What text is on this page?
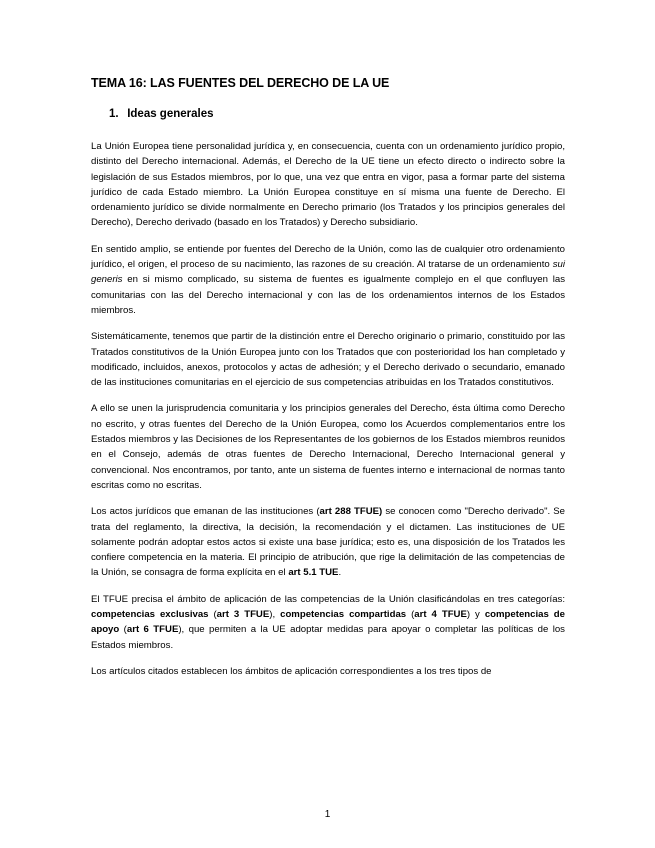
TEMA 16: LAS FUENTES DEL DERECHO DE LA UE
1. Ideas generales

La Unión Europea tiene personalidad jurídica y, en consecuencia, cuenta con un ordenamiento jurídico propio, distinto del Derecho internacional. Además, el Derecho de la UE tiene un efecto directo o indirecto sobre la legislación de sus Estados miembros, por lo que, una vez que entra en vigor, pasa a formar parte del sistema jurídico de cada Estado miembro. La Unión Europea constituye en sí misma una fuente de Derecho. El ordenamiento jurídico se divide normalmente en Derecho primario (los Tratados y los principios generales del Derecho), Derecho derivado (basado en los Tratados) y Derecho subsidiario.

En sentido amplio, se entiende por fuentes del Derecho de la Unión, como las de cualquier otro ordenamiento jurídico, el origen, el proceso de su nacimiento, las razones de su creación. Al tratarse de un ordenamiento sui generis en si mismo complicado, su sistema de fuentes es igualmente complejo en el que confluyen las comunitarias con las del Derecho internacional y con las de los ordenamientos internos de los Estados miembros.

Sistemáticamente, tenemos que partir de la distinción entre el Derecho originario o primario, constituido por las Tratados constitutivos de la Unión Europea junto con los Tratados que con posterioridad los han completado y modificado, incluidos, anexos, protocolos y actas de adhesión; y el Derecho derivado o secundario, emanado de las instituciones comunitarias en el ejercicio de sus competencias atribuidas en los Tratados constitutivos.

A ello se unen la jurisprudencia comunitaria y los principios generales del Derecho, ésta última como Derecho no escrito, y otras fuentes del Derecho de la Unión Europea, como los Acuerdos complementarios entre los Estados miembros y las Decisiones de los Representantes de los gobiernos de los Estados miembros reunidos en el Consejo, además de otras fuentes de Derecho Internacional, Derecho Internacional general y convencional. Nos encontramos, por tanto, ante un sistema de fuentes interno e internacional de normas tanto escritas como no escritas.

Los actos jurídicos que emanan de las instituciones (art 288 TFUE) se conocen como "Derecho derivado". Se trata del reglamento, la directiva, la decisión, la recomendación y el dictamen. Las instituciones de UE solamente podrán adoptar estos actos si existe una base jurídica; esto es, una disposición de los Tratados les confiere competencia en la materia. El principio de atribución, que rige la delimitación de las competencias de la Unión, se consagra de forma explícita en el art 5.1 TUE.

El TFUE precisa el ámbito de aplicación de las competencias de la Unión clasificándolas en tres categorías: competencias exclusivas (art 3 TFUE), competencias compartidas (art 4 TFUE) y competencias de apoyo (art 6 TFUE), que permiten a la UE adoptar medidas para apoyar o completar las políticas de los Estados miembros.

Los artículos citados establecen los ámbitos de aplicación correspondientes a los tres tipos de

1
